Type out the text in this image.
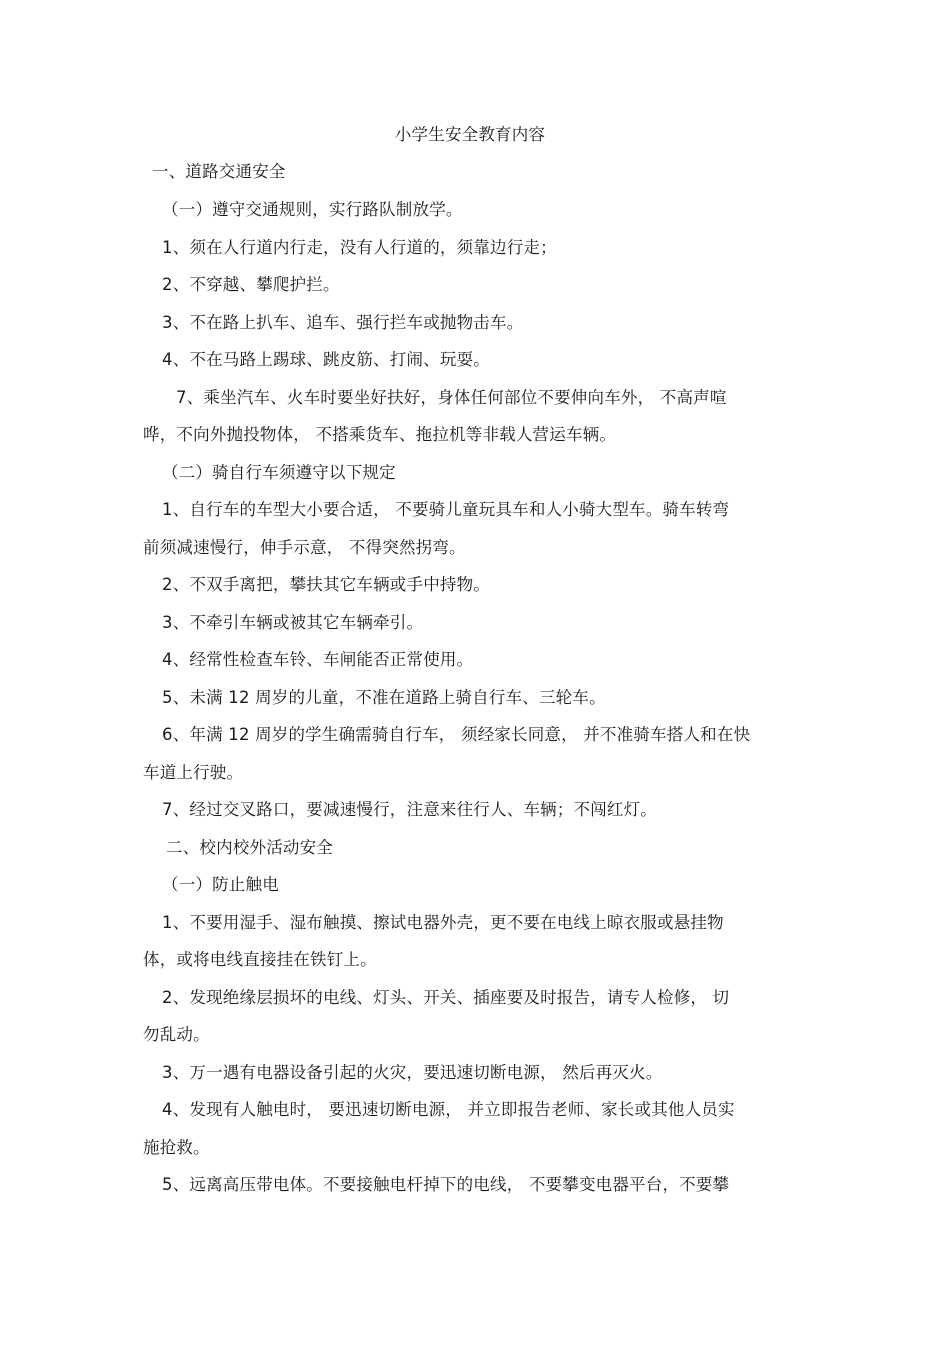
小学生安全教育内容
一、道路交通安全
（一）遵守交通规则，实行路队制放学。
1、须在人行道内行走，没有人行道的，须靠边行走；
2、不穿越、攀爬护拦。
3、不在路上扒车、追车、强行拦车或抛物击车。
4、不在马路上踢球、跳皮筋、打闹、玩耍。
7、乘坐汽车、火车时要坐好扶好，身体任何部位不要伸向车外， 不高声喧
哗，不向外抛投物体， 不搭乘货车、拖拉机等非载人营运车辆。
（二）骑自行车须遵守以下规定
1、自行车的车型大小要合适， 不要骑儿童玩具车和人小骑大型车。骑车转弯
前须减速慢行，伸手示意， 不得突然拐弯。
2、不双手离把，攀扶其它车辆或手中持物。
3、不牵引车辆或被其它车辆牵引。
4、经常性检查车铃、车闸能否正常使用。
5、未满 12 周岁的儿童，不准在道路上骑自行车、三轮车。
6、年满 12 周岁的学生确需骑自行车， 须经家长同意， 并不准骑车搭人和在快
车道上行驶。
7、经过交叉路口，要减速慢行，注意来往行人、车辆；不闯红灯。
二、校内校外活动安全
（一）防止触电
1、不要用湿手、湿布触摸、擦试电器外壳，更不要在电线上晾衣服或悬挂物
体，或将电线直接挂在铁钉上。
2、发现绝缘层损坏的电线、灯头、开关、插座要及时报告，请专人检修， 切
勿乱动。
3、万一遇有电器设备引起的火灾，要迅速切断电源， 然后再灭火。
4、发现有人触电时， 要迅速切断电源， 并立即报告老师、家长或其他人员实
施抢救。
5、远离高压带电体。不要接触电杆掉下的电线， 不要攀变电器平台，不要攀
